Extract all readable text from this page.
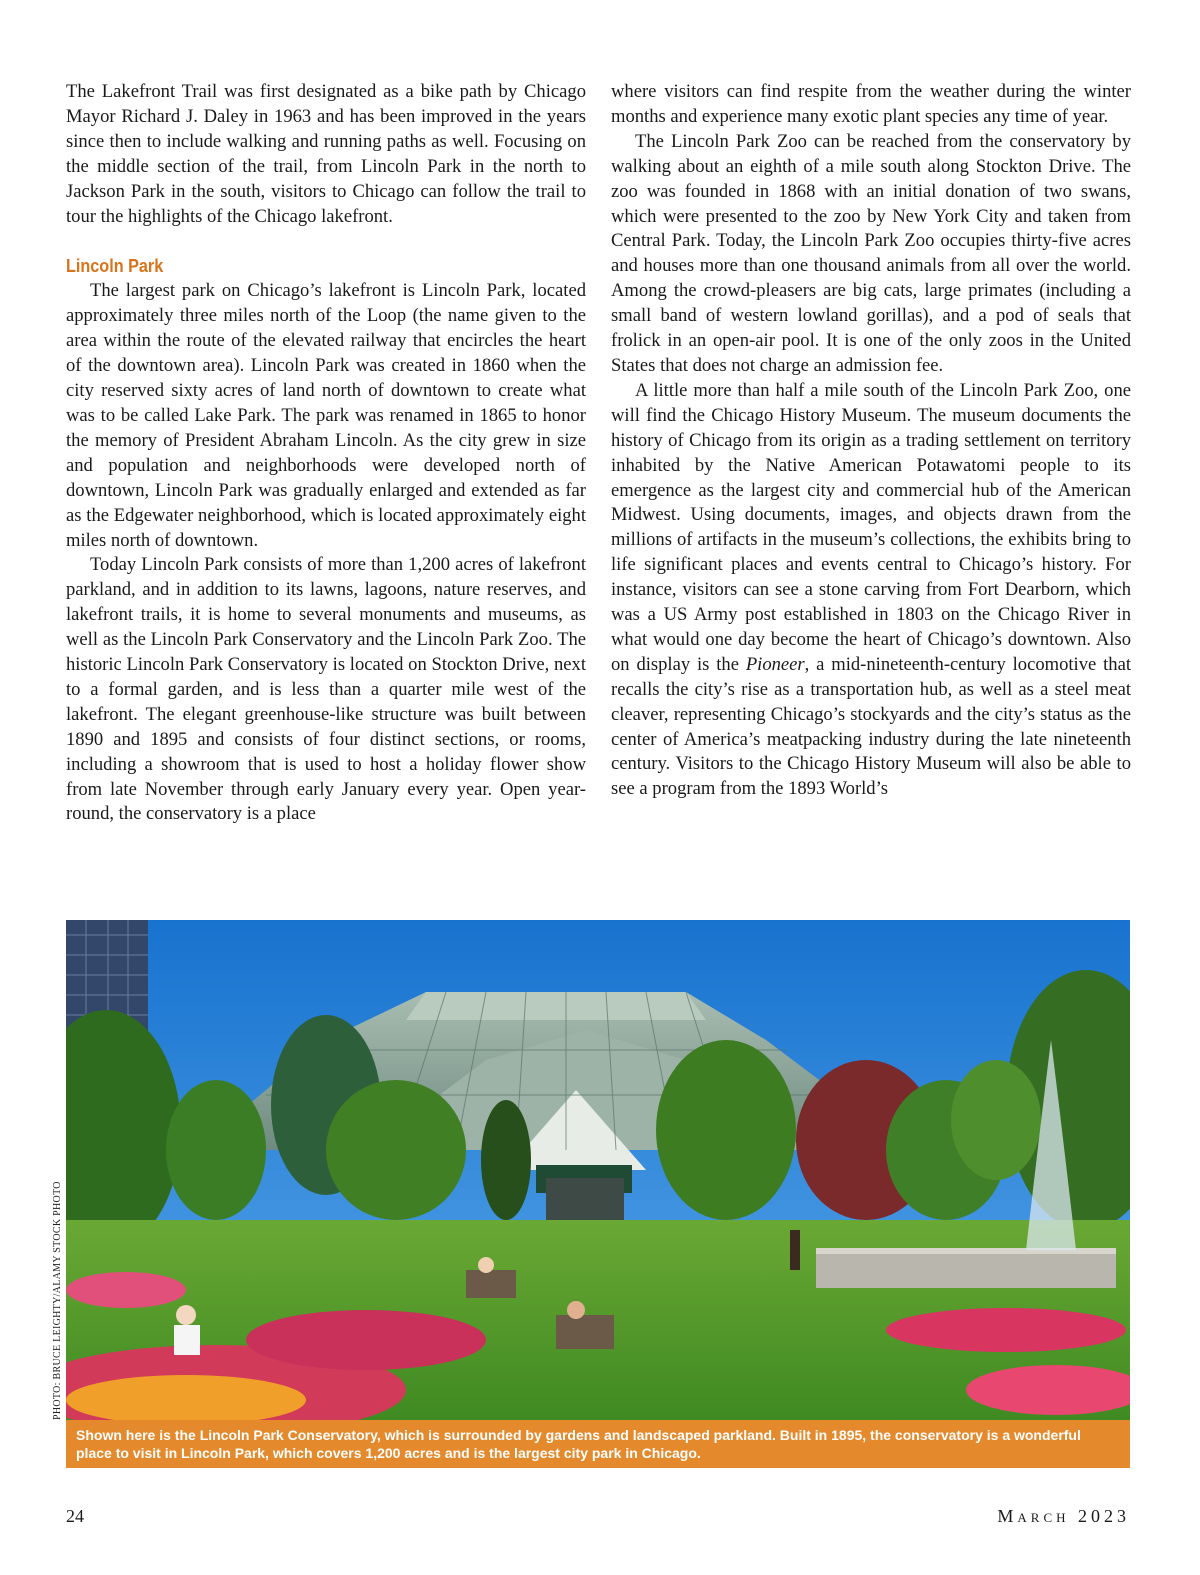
The Lakefront Trail was first designated as a bike path by Chicago Mayor Richard J. Daley in 1963 and has been improved in the years since then to include walking and running paths as well. Focusing on the middle section of the trail, from Lincoln Park in the north to Jackson Park in the south, visitors to Chicago can follow the trail to tour the highlights of the Chicago lakefront.

Lincoln Park

The largest park on Chicago’s lakefront is Lincoln Park, located approximately three miles north of the Loop (the name given to the area within the route of the elevated railway that encircles the heart of the downtown area). Lincoln Park was created in 1860 when the city reserved sixty acres of land north of downtown to create what was to be called Lake Park. The park was renamed in 1865 to honor the memory of President Abraham Lincoln. As the city grew in size and population and neighborhoods were developed north of downtown, Lincoln Park was gradually enlarged and extended as far as the Edgewater neighborhood, which is located approximately eight miles north of downtown.

Today Lincoln Park consists of more than 1,200 acres of lakefront parkland, and in addition to its lawns, lagoons, nature reserves, and lakefront trails, it is home to several monuments and museums, as well as the Lincoln Park Conservatory and the Lincoln Park Zoo. The historic Lincoln Park Conservatory is located on Stockton Drive, next to a formal garden, and is less than a quarter mile west of the lakefront. The elegant greenhouse-like structure was built between 1890 and 1895 and consists of four distinct sections, or rooms, including a showroom that is used to host a holiday flower show from late November through early January every year. Open year-round, the conservatory is a place

where visitors can find respite from the weather during the winter months and experience many exotic plant species any time of year.

The Lincoln Park Zoo can be reached from the conservatory by walking about an eighth of a mile south along Stockton Drive. The zoo was founded in 1868 with an initial donation of two swans, which were presented to the zoo by New York City and taken from Central Park. Today, the Lincoln Park Zoo occupies thirty-five acres and houses more than one thousand animals from all over the world. Among the crowd-pleasers are big cats, large primates (including a small band of western lowland gorillas), and a pod of seals that frolick in an open-air pool. It is one of the only zoos in the United States that does not charge an admission fee.

A little more than half a mile south of the Lincoln Park Zoo, one will find the Chicago History Museum. The museum documents the history of Chicago from its origin as a trading settlement on territory inhabited by the Native American Potawatomi people to its emergence as the largest city and commercial hub of the American Midwest. Using documents, images, and objects drawn from the millions of artifacts in the museum’s collections, the exhibits bring to life significant places and events central to Chicago’s history. For instance, visitors can see a stone carving from Fort Dearborn, which was a US Army post established in 1803 on the Chicago River in what would one day become the heart of Chicago’s downtown. Also on display is the Pioneer, a mid-nineteenth-century locomotive that recalls the city’s rise as a transportation hub, as well as a steel meat cleaver, representing Chicago’s stockyards and the city’s status as the center of America’s meatpacking industry during the late nineteenth century. Visitors to the Chicago History Museum will also be able to see a program from the 1893 World’s

PHOTO: BRUCE LEIGHTY/ALAMY STOCK PHOTO
Shown here is the Lincoln Park Conservatory, which is surrounded by gardens and landscaped parkland. Built in 1895, the conservatory is a wonderful place to visit in Lincoln Park, which covers 1,200 acres and is the largest city park in Chicago.
24	March 2023
